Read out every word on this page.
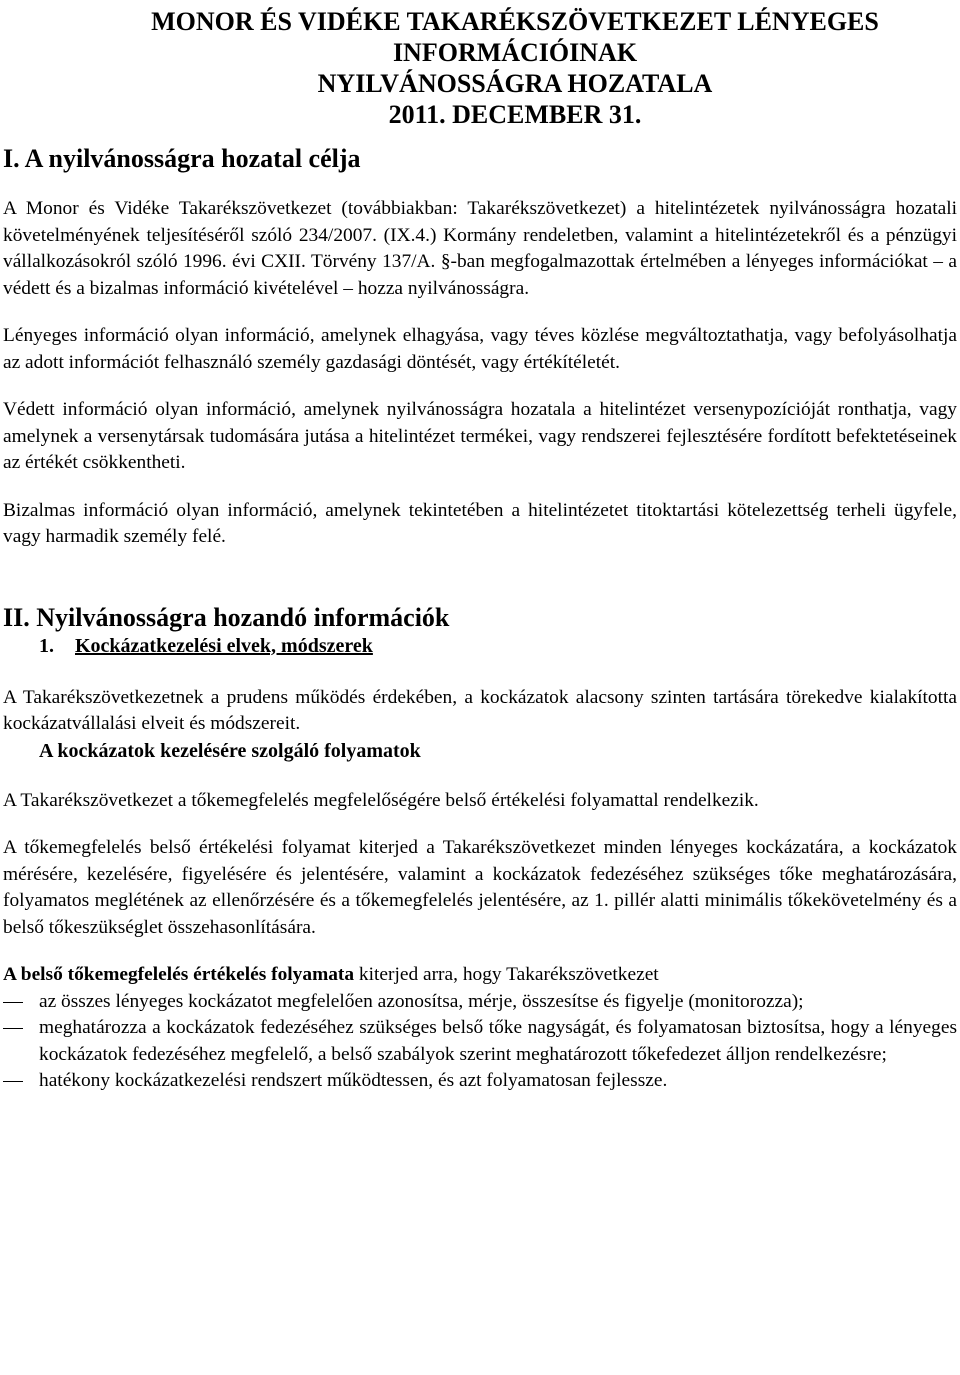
MONOR ÉS VIDÉKE TAKARÉKSZÖVETKEZET LÉNYEGES
INFORMÁCIÓINAK
NYILVÁNOSSÁGRA HOZATALA
2011. DECEMBER 31.
I. A nyilvánosságra hozatal célja

A Monor és Vidéke Takarékszövetkezet (továbbiakban: Takarékszövetkezet) a hitelintézetek nyilvánosságra hozatali követelményének teljesítéséről szóló 234/2007. (IX.4.) Kormány rendeletben, valamint a hitelintézetekről és a pénzügyi vállalkozásokról szóló 1996. évi CXII. Törvény 137/A. §-ban megfogalmazottak értelmében a lényeges információkat – a védett és a bizalmas információ kivételével – hozza nyilvánosságra.

Lényeges információ olyan információ, amelynek elhagyása, vagy téves közlése megváltoztathatja, vagy befolyásolhatja az adott információt felhasználó személy gazdasági döntését, vagy értékítéletét.

Védett információ olyan információ, amelynek nyilvánosságra hozatala a hitelintézet versenypozícióját ronthatja, vagy amelynek a versenytársak tudomására jutása a hitelintézet termékei, vagy rendszerei fejlesztésére fordított befektetéseinek az értékét csökkentheti.

Bizalmas információ olyan információ, amelynek tekintetében a hitelintézetet titoktartási kötelezettség terheli ügyfele, vagy harmadik személy felé.

II. Nyilvánosságra hozandó információk
1. Kockázatkezelési elvek, módszerek

A Takarékszövetkezetnek a prudens működés érdekében, a kockázatok alacsony szinten tartására törekedve kialakította kockázatvállalási elveit és módszereit.

A kockázatok kezelésére szolgáló folyamatok

A Takarékszövetkezet a tőkemegfelelés megfelelőségére belső értékelési folyamattal rendelkezik.

A tőkemegfelelés belső értékelési folyamat kiterjed a Takarékszövetkezet minden lényeges kockázatára, a kockázatok mérésére, kezelésére, figyelésére és jelentésére, valamint a kockázatok fedezéséhez szükséges tőke meghatározására, folyamatos meglétének az ellenőrzésére és a tőkemegfelelés jelentésére, az 1. pillér alatti minimális tőkekövetelmény és a belső tőkeszükséglet összehasonlítására.

A belső tőkemegfelelés értékelés folyamata kiterjed arra, hogy Takarékszövetkezet

az összes lényeges kockázatot megfelelően azonosítsa, mérje, összesítse és figyelje (monitorozza);
meghatározza a kockázatok fedezéséhez szükséges belső tőke nagyságát, és folyamatosan biztosítsa, hogy a lényeges kockázatok fedezéséhez megfelelő, a belső szabályok szerint meghatározott tőkefedezet álljon rendelkezésre;
hatékony kockázatkezelési rendszert működtessen, és azt folyamatosan fejlessze.
